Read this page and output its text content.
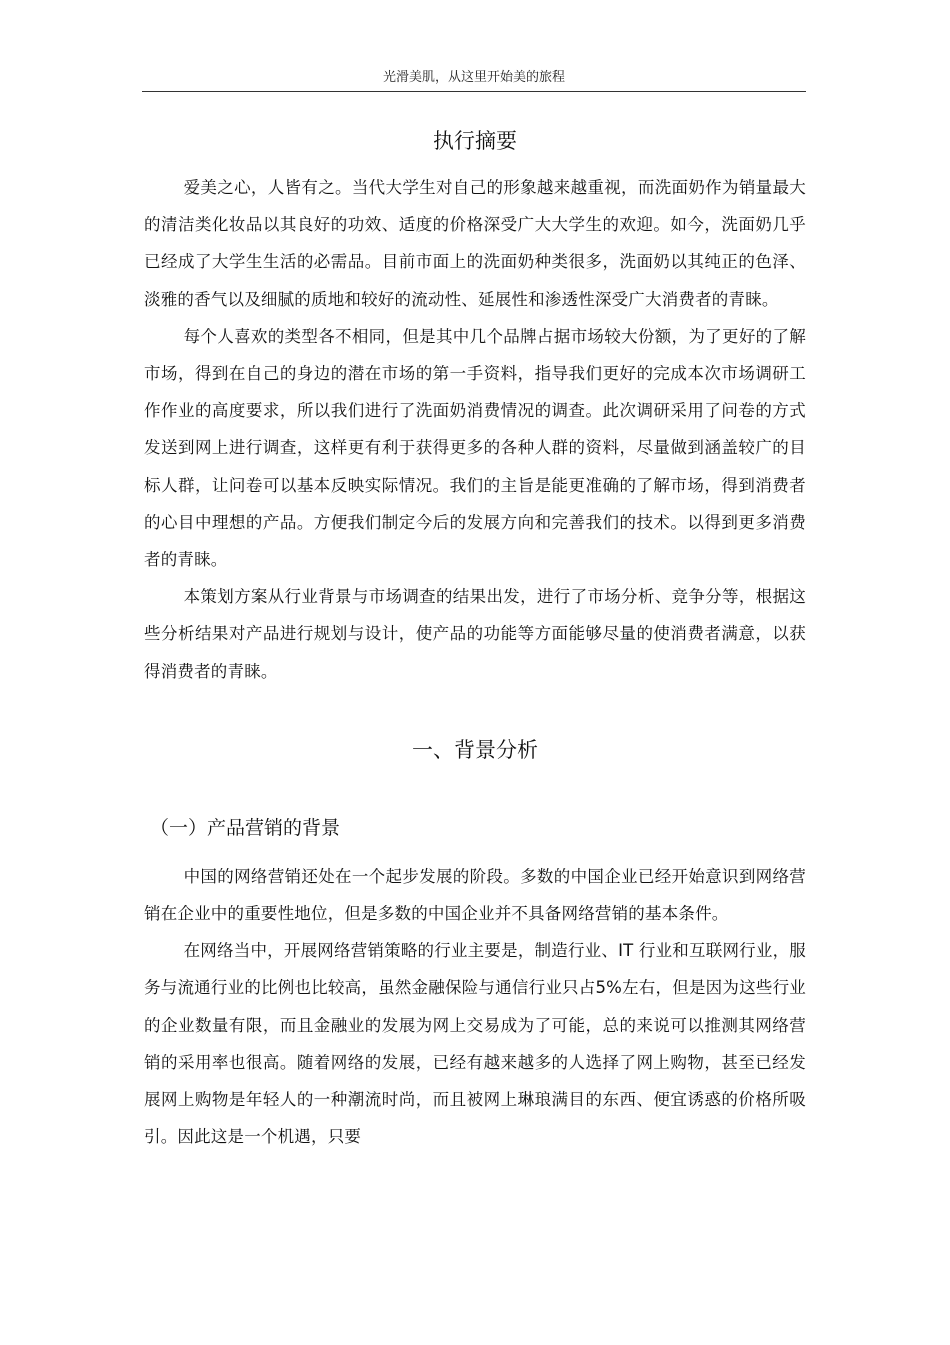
光滑美肌，从这里开始美的旅程
执行摘要

爱美之心，人皆有之。当代大学生对自己的形象越来越重视，而洗面奶作为销量最大的清洁类化妆品以其良好的功效、适度的价格深受广大大学生的欢迎。如今，洗面奶几乎已经成了大学生生活的必需品。目前市面上的洗面奶种类很多，洗面奶以其纯正的色泽、淡雅的香气以及细腻的质地和较好的流动性、延展性和渗透性深受广大消费者的青睐。

每个人喜欢的类型各不相同，但是其中几个品牌占据市场较大份额，为了更好的了解市场，得到在自己的身边的潜在市场的第一手资料，指导我们更好的完成本次市场调研工作作业的高度要求，所以我们进行了洗面奶消费情况的调查。此次调研采用了问卷的方式发送到网上进行调查，这样更有利于获得更多的各种人群的资料，尽量做到涵盖较广的目标人群，让问卷可以基本反映实际情况。我们的主旨是能更准确的了解市场，得到消费者的心目中理想的产品。方便我们制定今后的发展方向和完善我们的技术。以得到更多消费者的青睐。

本策划方案从行业背景与市场调查的结果出发，进行了市场分析、竞争分等，根据这些分析结果对产品进行规划与设计，使产品的功能等方面能够尽量的使消费者满意，以获得消费者的青睐。

一、背景分析
（一）产品营销的背景

中国的网络营销还处在一个起步发展的阶段。多数的中国企业已经开始意识到网络营销在企业中的重要性地位，但是多数的中国企业并不具备网络营销的基本条件。

在网络当中，开展网络营销策略的行业主要是，制造行业、IT 行业和互联网行业，服务与流通行业的比例也比较高，虽然金融保险与通信行业只占5%左右，但是因为这些行业的企业数量有限，而且金融业的发展为网上交易成为了可能，总的来说可以推测其网络营销的采用率也很高。随着网络的发展，已经有越来越多的人选择了网上购物，甚至已经发展网上购物是年轻人的一种潮流时尚，而且被网上琳琅满目的东西、便宜诱惑的价格所吸引。因此这是一个机遇，只要
